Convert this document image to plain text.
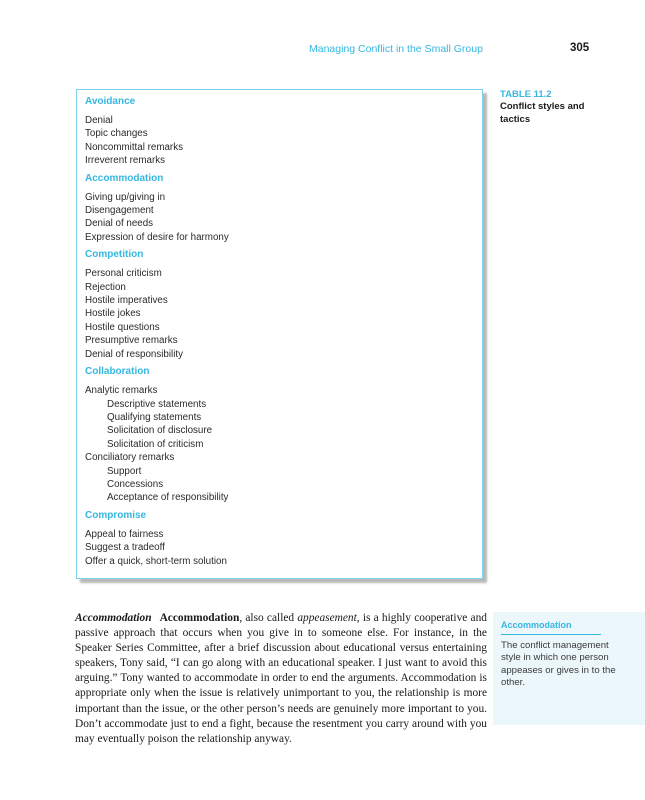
Managing Conflict in the Small Group	305
Avoidance
Denial
Topic changes
Noncommittal remarks
Irreverent remarks
Accommodation
Giving up/giving in
Disengagement
Denial of needs
Expression of desire for harmony
Competition
Personal criticism
Rejection
Hostile imperatives
Hostile jokes
Hostile questions
Presumptive remarks
Denial of responsibility
Collaboration
Analytic remarks
Descriptive statements
Qualifying statements
Solicitation of disclosure
Solicitation of criticism
Conciliatory remarks
Support
Concessions
Acceptance of responsibility
Compromise
Appeal to fairness
Suggest a tradeoff
Offer a quick, short-term solution
TABLE 11.2
Conflict styles and tactics

Accommodation Accommodation, also called appeasement, is a highly cooperative and passive approach that occurs when you give in to someone else. For instance, in the Speaker Series Committee, after a brief discussion about educational versus entertaining speakers, Tony said, “I can go along with an educational speaker. I just want to avoid this arguing.” Tony wanted to accommodate in order to end the arguments. Accommodation is appropriate only when the issue is relatively unimportant to you, the relationship is more important than the issue, or the other person’s needs are genuinely more important to you. Don’t accommodate just to end a fight, because the resentment you carry around with you may eventually poison the relationship anyway.

Accommodation
The conflict management style in which one person appeases or gives in to the other.
